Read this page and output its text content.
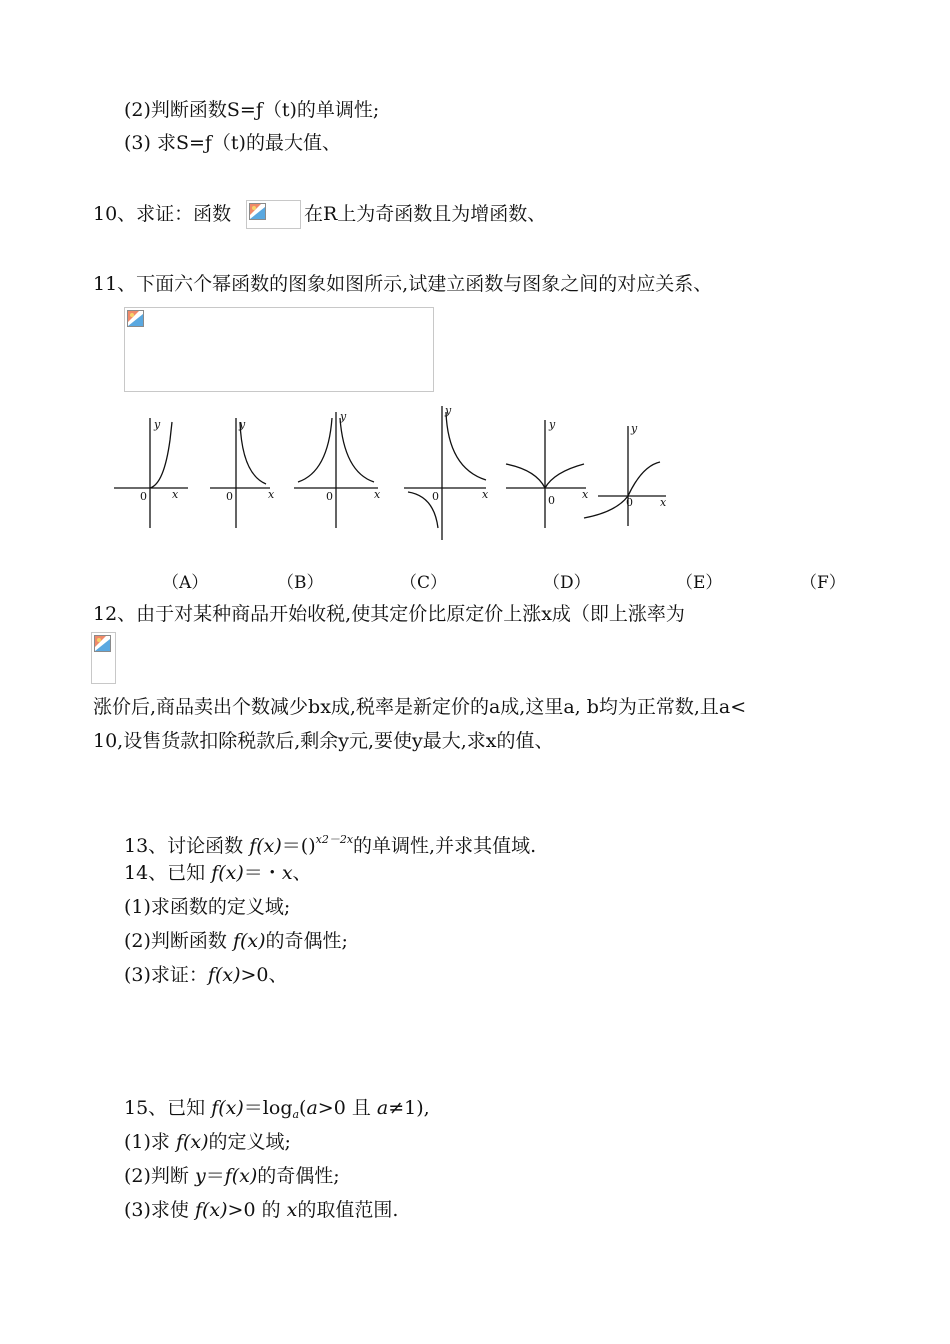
(2)判断函数S=ƒ（t)的单调性;
(3) 求S=ƒ（t)的最大值、
10、求证：函数	在R上为奇函数且为增函数、
11、下面六个幂函数的图象如图所示,试建立函数与图象之间的对应关系、
y
x
y
x
y
x
y
x
y
x
y
x
0	0	0	0	0	0
（A）	（B）	（C）	（D）	（E）	（F）
12、由于对某种商品开始收税,使其定价比原定价上涨x成（即上涨率为
涨价后,商品卖出个数减少bx成,税率是新定价的a成,这里a, b均为正常数,且a<
10,设售货款扣除税款后,剩余y元,要使y最大,求x的值、
13、讨论函数 f(x)＝()$^{x2-2x}$的单调性,并求其值域.
14、已知 f(x)＝・x、
(1)求函数的定义域;
(2)判断函数 f(x)的奇偶性;
(3)求证：f(x)>0、
15、已知 $f(x)=\log_a(a>0$ 且 a≠1),
(1)求 f(x)的定义域;
(2)判断 y＝f(x)的奇偶性;
(3)求使 f(x)>0 的 x的取值范围.
